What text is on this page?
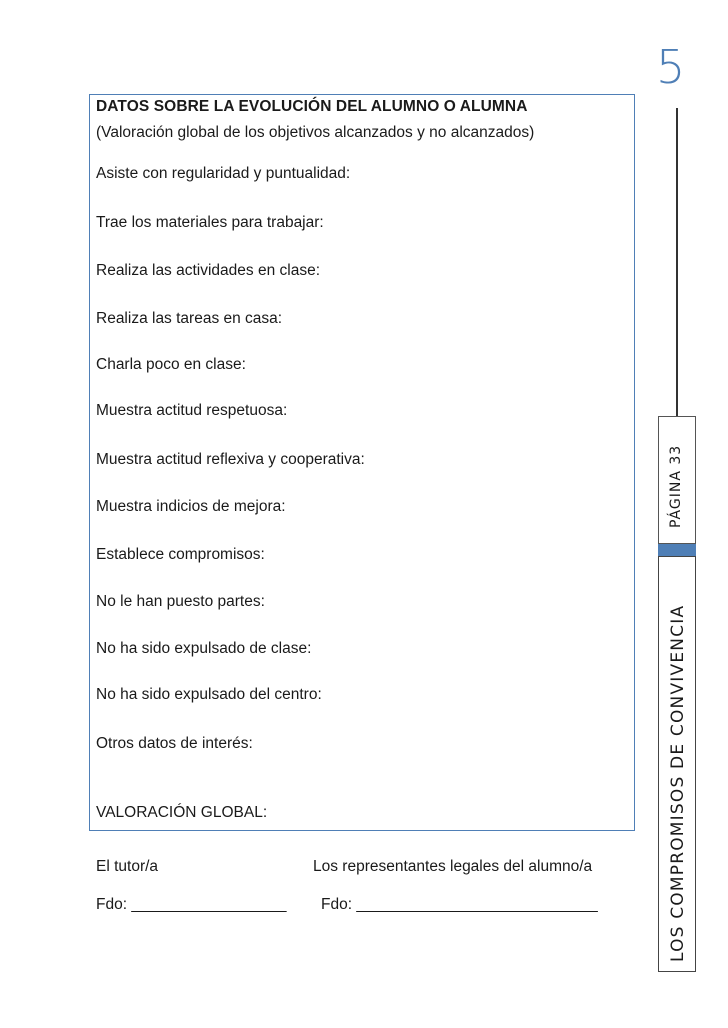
5
DATOS SOBRE LA EVOLUCIÓN DEL ALUMNO O ALUMNA
(Valoración global de los objetivos alcanzados y no alcanzados)
Asiste con regularidad y puntualidad:
Trae los materiales para trabajar:
Realiza las actividades en clase:
Realiza las tareas en casa:
Charla poco en clase:
Muestra actitud respetuosa:
Muestra actitud reflexiva y cooperativa:
Muestra indicios de mejora:
Establece compromisos:
No le han puesto partes:
No ha sido expulsado de clase:
No ha sido expulsado del centro:
Otros datos de interés:
VALORACIÓN GLOBAL:
El tutor/a	Los representantes legales del alumno/a
Fdo: __________________ Fdo: ____________________________
PÁGINA 33
LOS COMPROMISOS DE CONVIVENCIA
